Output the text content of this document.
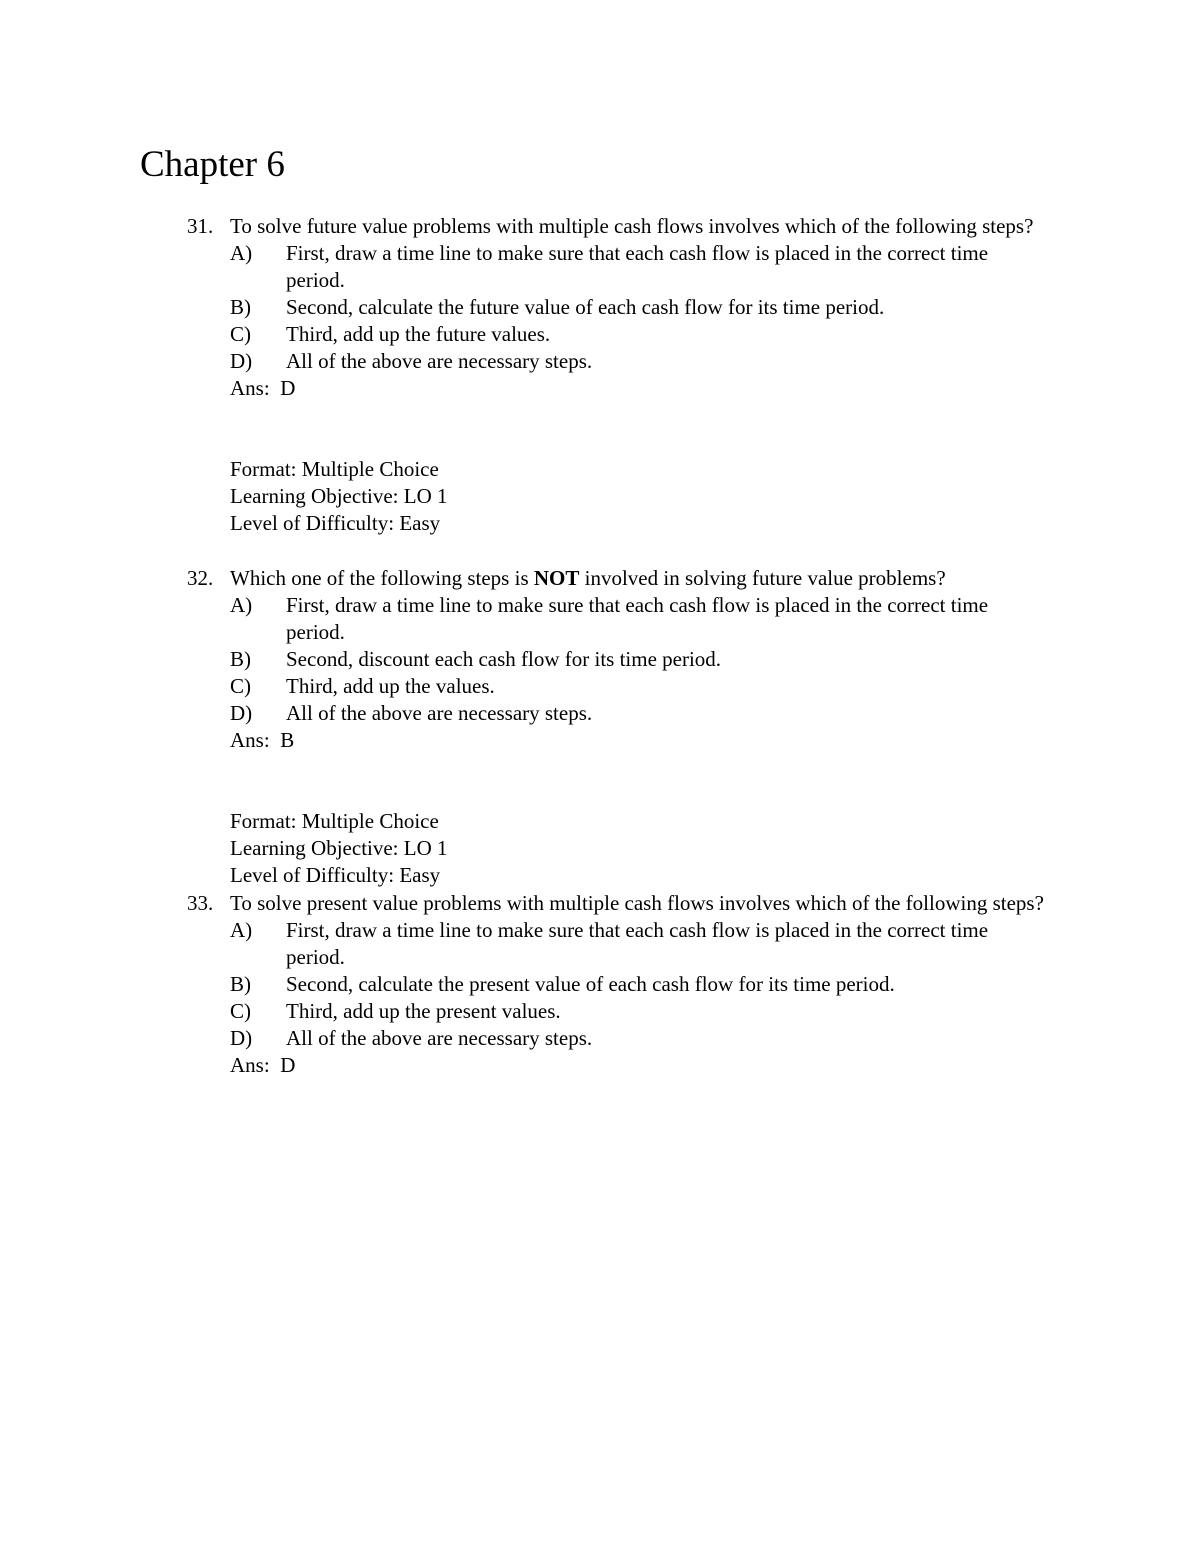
Chapter 6
31. To solve future value problems with multiple cash flows involves which of the following steps?
A)	First, draw a time line to make sure that each cash flow is placed in the correct time period.
B)	Second, calculate the future value of each cash flow for its time period.
C)	Third, add up the future values.
D)	All of the above are necessary steps.
Ans: D
Format: Multiple Choice
Learning Objective: LO 1
Level of Difficulty: Easy
32. Which one of the following steps is NOT involved in solving future value problems?
A)	First, draw a time line to make sure that each cash flow is placed in the correct time period.
B)	Second, discount each cash flow for its time period.
C)	Third, add up the values.
D)	All of the above are necessary steps.
Ans: B
Format: Multiple Choice
Learning Objective: LO 1
Level of Difficulty: Easy
33. To solve present value problems with multiple cash flows involves which of the following steps?
A)	First, draw a time line to make sure that each cash flow is placed in the correct time period.
B)	Second, calculate the present value of each cash flow for its time period.
C)	Third, add up the present values.
D)	All of the above are necessary steps.
Ans: D
